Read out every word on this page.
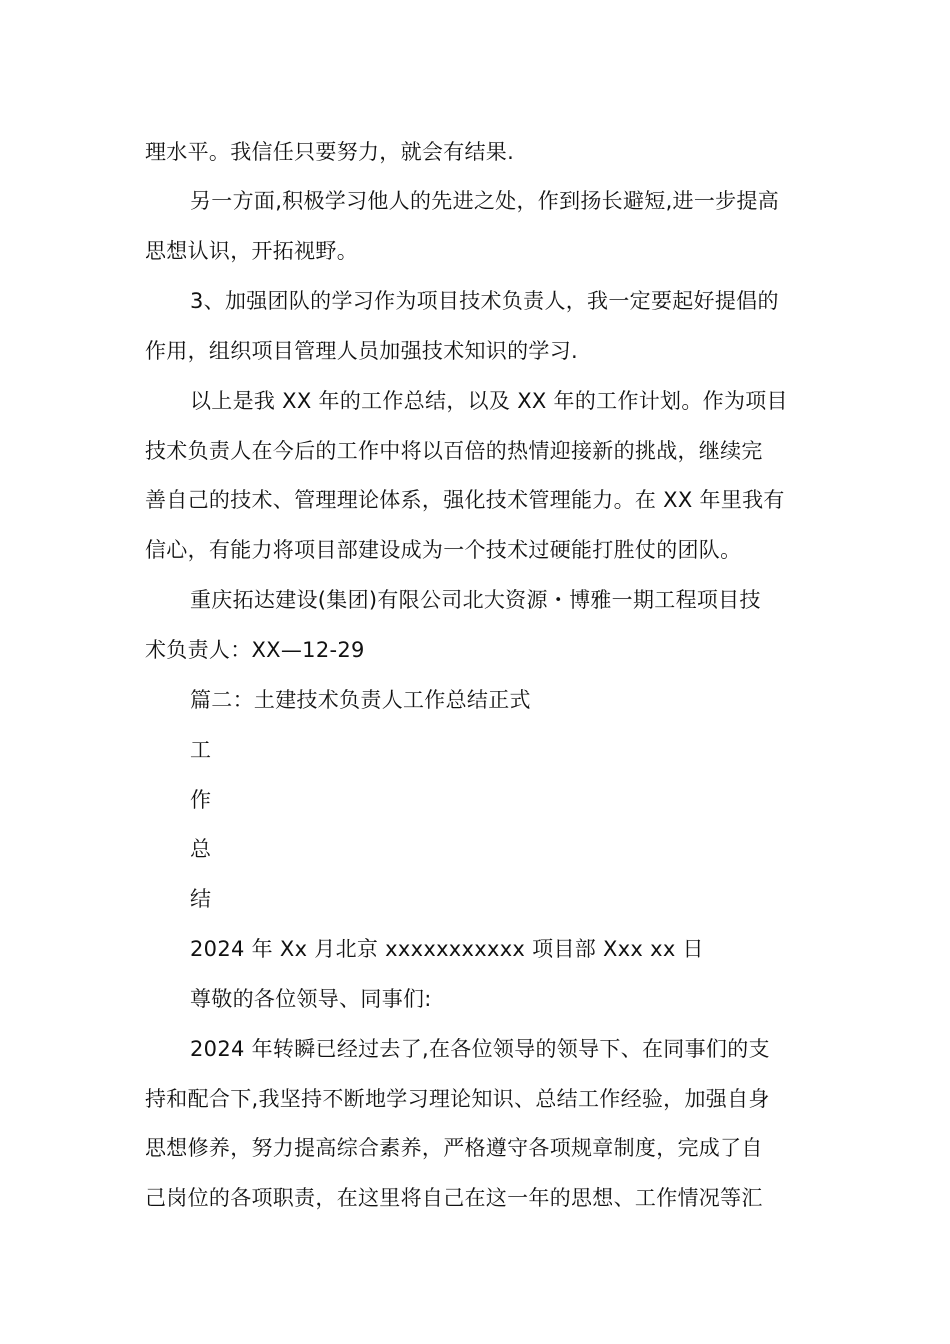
理水平。我信任只要努力，就会有结果.
另一方面,积极学习他人的先进之处，作到扬长避短,进一步提高
思想认识，开拓视野。
3、加强团队的学习作为项目技术负责人，我一定要起好提倡的
作用，组织项目管理人员加强技术知识的学习.
以上是我 XX 年的工作总结，以及 XX 年的工作计划。作为项目
技术负责人在今后的工作中将以百倍的热情迎接新的挑战，继续完
善自己的技术、管理理论体系，强化技术管理能力。在 XX 年里我有
信心，有能力将项目部建设成为一个技术过硬能打胜仗的团队。
重庆拓达建设(集团)有限公司北大资源・博雅一期工程项目技
术负责人：XX—12-29
篇二：土建技术负责人工作总结正式
工
作
总
结
2024 年 Xx 月北京 xxxxxxxxxxx 项目部 Xxx xx 日
尊敬的各位领导、同事们:
2024 年转瞬已经过去了,在各位领导的领导下、在同事们的支
持和配合下,我坚持不断地学习理论知识、总结工作经验，加强自身
思想修养，努力提高综合素养，严格遵守各项规章制度，完成了自
己岗位的各项职责，在这里将自己在这一年的思想、工作情况等汇
